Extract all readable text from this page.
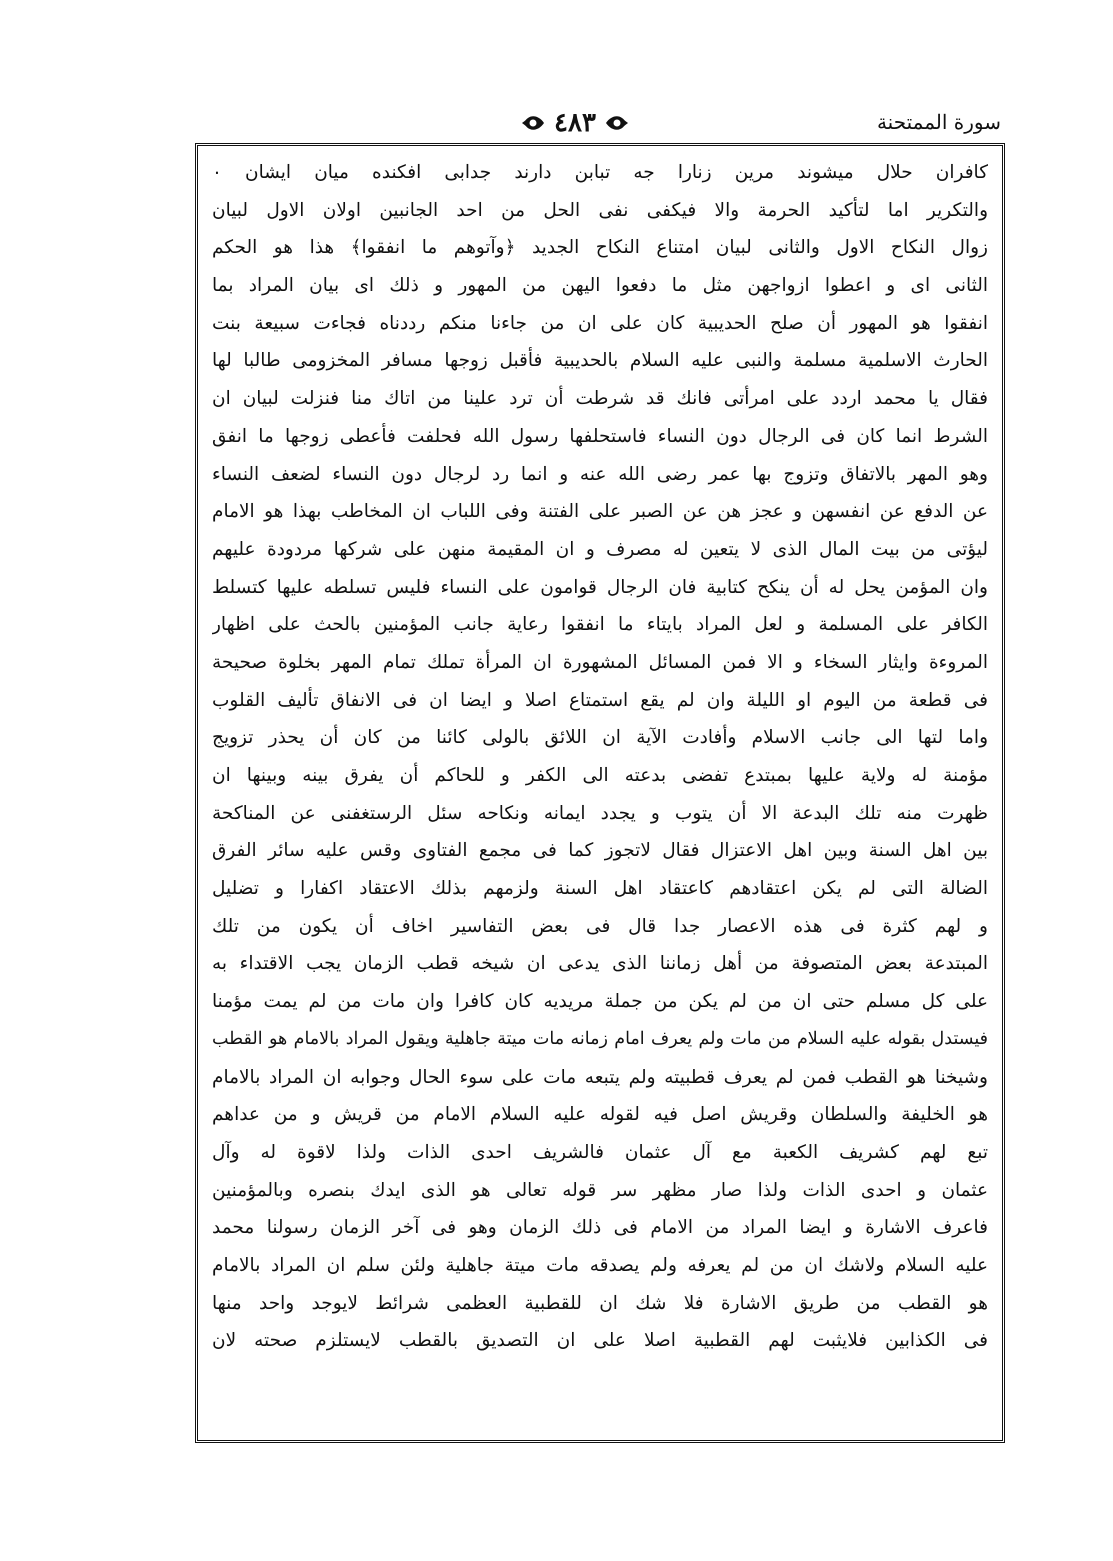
سورة الممتحنة
٤٨٣
كافران حلال ميشوند مرين زنارا جه تبابن دارند جدابى افكنده ميان ايشان ٠
والتكرير اما لتأكيد الحرمة والا فيكفى نفى الحل من احد الجانبين اولان الاول لبيان
زوال النكاح الاول والثانى لبيان امتناع النكاح الجديد ﴿وآتوهم ما انفقوا﴾ هذا هو الحكم
الثانى اى و اعطوا ازواجهن مثل ما دفعوا اليهن من المهور و ذلك اى بيان المراد بما
انفقوا هو المهور أن صلح الحديبية كان على ان من جاءنا منكم رددناه فجاءت سبيعة بنت
الحارث الاسلمية مسلمة والنبى عليه السلام بالحديبية فأقبل زوجها مسافر المخزومى طالبا لها
فقال يا محمد اردد على امرأتى فانك قد شرطت أن ترد علينا من اتاك منا فنزلت لبيان ان
الشرط انما كان فى الرجال دون النساء فاستحلفها رسول الله فحلفت فأعطى زوجها ما انفق
وهو المهر بالاتفاق وتزوج بها عمر رضى الله عنه و انما رد لرجال دون النساء لضعف النساء
عن الدفع عن انفسهن و عجز هن عن الصبر على الفتنة وفى اللباب ان المخاطب بهذا هو الامام
ليؤتى من بيت المال الذى لا يتعين له مصرف و ان المقيمة منهن على شركها مردودة عليهم
وان المؤمن يحل له أن ينكح كتابية فان الرجال قوامون على النساء فليس تسلطه عليها كتسلط
الكافر على المسلمة و لعل المراد بايتاء ما انفقوا رعاية جانب المؤمنين بالحث على اظهار
المروءة وايثار السخاء و الا فمن المسائل المشهورة ان المرأة تملك تمام المهر بخلوة صحيحة
فى قطعة من اليوم او الليلة وان لم يقع استمتاع اصلا و ايضا ان فى الانفاق تأليف القلوب
واما لتها الى جانب الاسلام وأفادت الآية ان اللائق بالولى كائنا من كان أن يحذر تزويج
مؤمنة له ولاية عليها بمبتدع تفضى بدعته الى الكفر و للحاكم أن يفرق بينه وبينها ان
ظهرت منه تلك البدعة الا أن يتوب و يجدد ايمانه ونكاحه سئل الرستغفنى عن المناكحة
بين اهل السنة وبين اهل الاعتزال فقال لاتجوز كما فى مجمع الفتاوى وقس عليه سائر الفرق
الضالة التى لم يكن اعتقادهم كاعتقاد اهل السنة ولزمهم بذلك الاعتقاد اكفارا و تضليل
و لهم كثرة فى هذه الاعصار جدا قال فى بعض التفاسير اخاف أن يكون من تلك
المبتدعة بعض المتصوفة من أهل زماننا الذى يدعى ان شيخه قطب الزمان يجب الاقتداء به
على كل مسلم حتى ان من لم يكن من جملة مريديه كان كافرا وان مات من لم يمت مؤمنا
فيستدل بقوله عليه السلام من مات ولم يعرف امام زمانه مات ميتة جاهلية ويقول المراد بالامام هو القطب
وشيخنا هو القطب فمن لم يعرف قطبيته ولم يتبعه مات على سوء الحال وجوابه ان المراد بالامام
هو الخليفة والسلطان وقريش اصل فيه لقوله عليه السلام الامام من قريش و من عداهم
تبع لهم كشريف الكعبة مع آل عثمان فالشريف احدى الذات ولذا لاقوة له وآل
عثمان و احدى الذات ولذا صار مظهر سر قوله تعالى هو الذى ايدك بنصره وبالمؤمنين
فاعرف الاشارة و ايضا المراد من الامام فى ذلك الزمان وهو فى آخر الزمان رسولنا محمد
عليه السلام ولاشك ان من لم يعرفه ولم يصدقه مات ميتة جاهلية ولئن سلم ان المراد بالامام
هو القطب من طريق الاشارة فلا شك ان للقطبية العظمى شرائط لايوجد واحد منها
فى الكذابين فلايثبت لهم القطبية اصلا على ان التصديق بالقطب لايستلزم صحته لان
